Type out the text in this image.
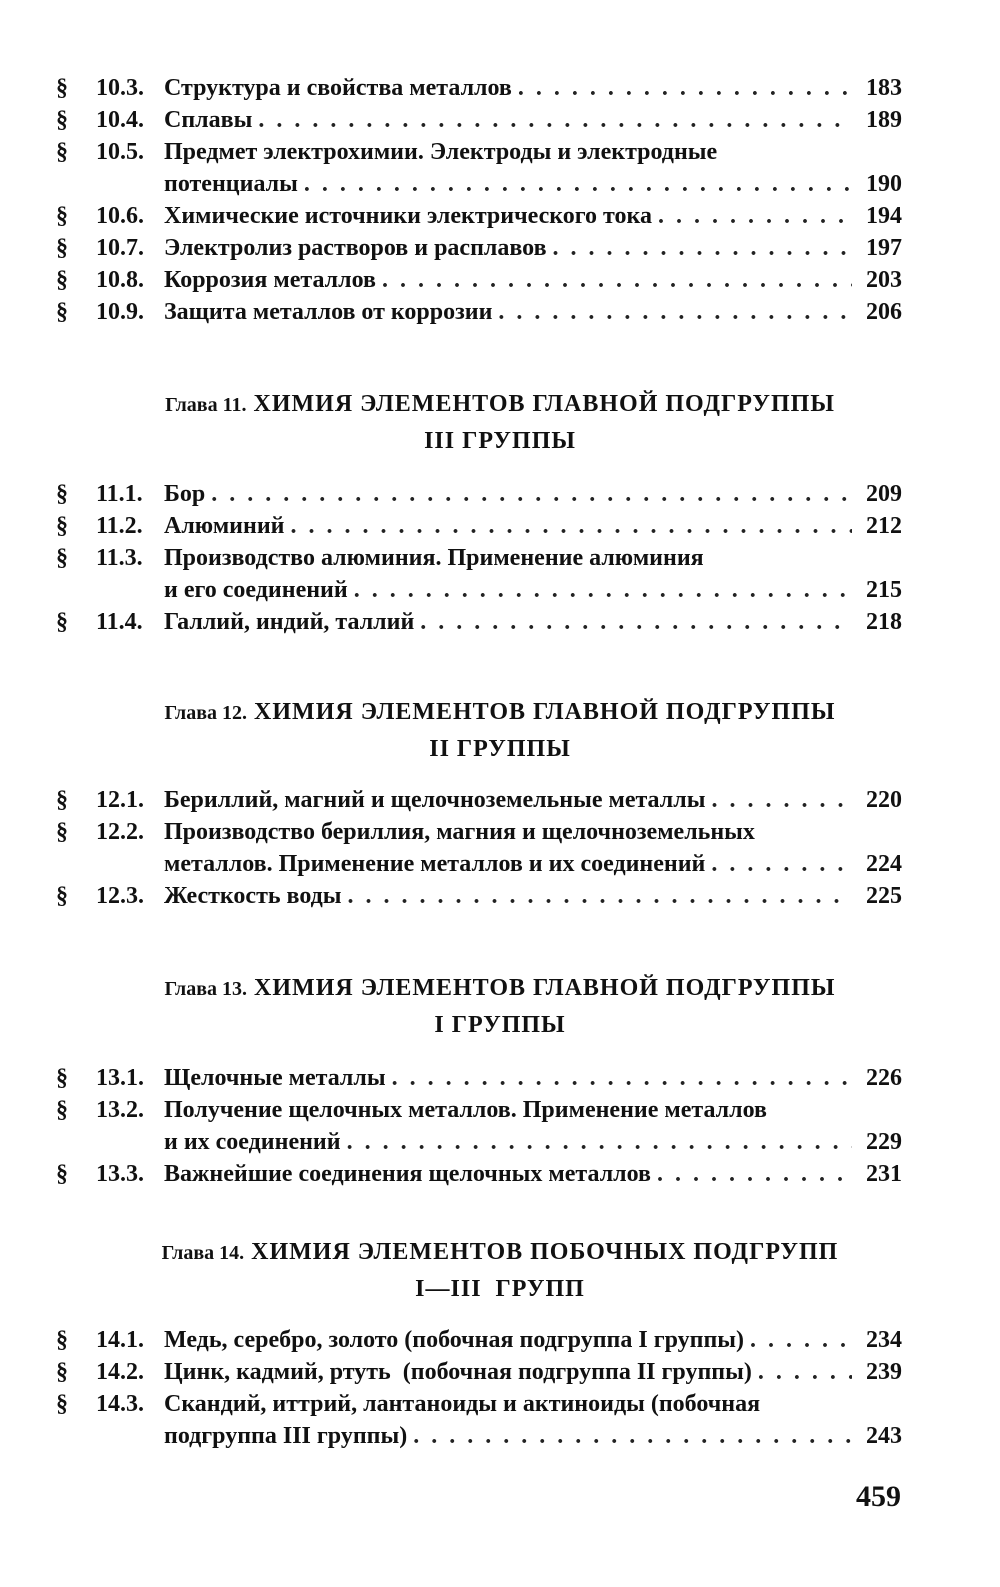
§	10.3. Структура и свойства металлов . . .	183
§	10.4. Сплавы . . .	189
§	10.5. Предмет электрохимии. Электроды и электродные
потенциалы . . .	190
§	10.6. Химические источники электрического тока . . .	194
§	10.7. Электролиз растворов и расплавов . . .	197
§	10.8. Коррозия металлов . . .	203
§	10.9. Защита металлов от коррозии . . .	206
Глава 11. ХИМИЯ ЭЛЕМЕНТОВ ГЛАВНОЙ ПОДГРУППЫ
III ГРУППЫ
§	11.1. Бор . . .	209
§	11.2. Алюминий . . .	212
§	11.3. Производство алюминия. Применение алюминия
и его соединений . . .	215
§	11.4. Галлий, индий, таллий . . .	218
Глава 12. ХИМИЯ ЭЛЕМЕНТОВ ГЛАВНОЙ ПОДГРУППЫ
II ГРУППЫ
§	12.1. Бериллий, магний и щелочноземельные металлы . . .	220
§	12.2. Производство бериллия, магния и щелочноземельных
металлов. Применение металлов и их соединений . . .	224
§	12.3. Жесткость воды . . .	225
Глава 13. ХИМИЯ ЭЛЕМЕНТОВ ГЛАВНОЙ ПОДГРУППЫ
I ГРУППЫ
§	13.1. Щелочные металлы . . .	226
§	13.2. Получение щелочных металлов. Применение металлов
и их соединений . . .	229
§	13.3. Важнейшие соединения щелочных металлов . . .	231
Глава 14. ХИМИЯ ЭЛЕМЕНТОВ ПОБОЧНЫХ ПОДГРУПП
I—III  ГРУПП
§	14.1. Медь, серебро, золото (побочная подгруппа I группы) . . .	234
§	14.2. Цинк, кадмий, ртуть  (побочная подгруппа II группы) . . .	239
§	14.3. Скандий, иттрий, лантаноиды и актиноиды (побочная
подгруппа III группы) . . .	243
459
